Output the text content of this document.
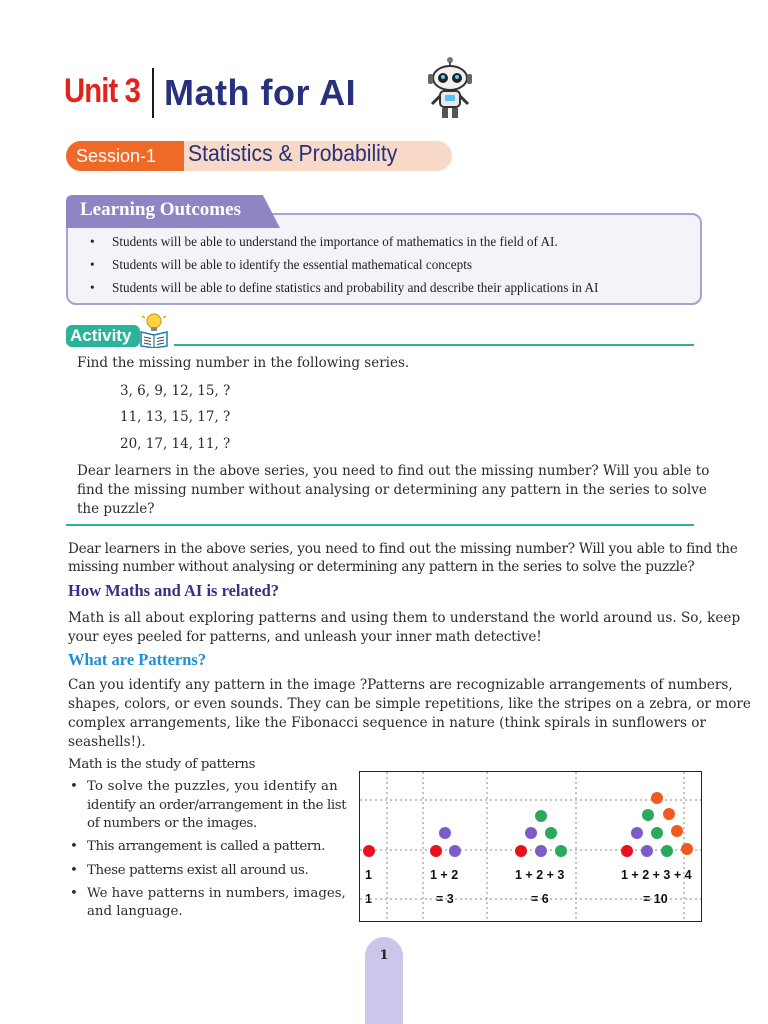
Unit 3 Math for AI
Session-1	Statistics & Probability
Learning Outcomes
• Students will be able to understand the importance of mathematics in the field of AI.
• Students will be able to identify the essential mathematical concepts
• Students will be able to define statistics and probability and describe their applications in AI
Activity
Find the missing number in the following series.
3, 6, 9, 12, 15, ?
11, 13, 15, 17, ?
20, 17, 14, 11, ?
Dear learners in the above series, you need to find out the missing number? Will you able to
find the missing number without analysing or determining any pattern in the series to solve
the puzzle?
Dear learners in the above series, you need to find out the missing number? Will you able to find the
missing number without analysing or determining any pattern in the series to solve the puzzle?
How Maths and AI is related?
Math is all about exploring patterns and using them to understand the world around us. So, keep
your eyes peeled for patterns, and unleash your inner math detective!
What are Patterns?
Can you identify any pattern in the image ?Patterns are recognizable arrangements of numbers,
shapes, colors, or even sounds. They can be simple repetitions, like the stripes on a zebra, or more
complex arrangements, like the Fibonacci sequence in nature (think spirals in sunflowers or
seashells!).
Math is the study of patterns
• To solve the puzzles, you identify an
identify an order/arrangement in the list
of numbers or the images.
• This arrangement is called a pattern.
• These patterns exist all around us.
• We have patterns in numbers, images,
and language.
1	1 + 2	1 + 2 + 3	1 + 2 + 3 + 4
1	= 3	= 6	= 10
1
